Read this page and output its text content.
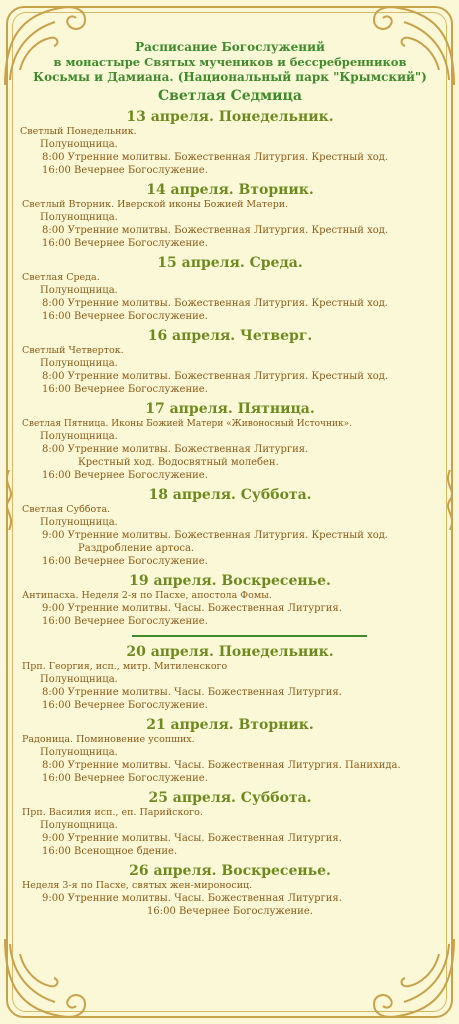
Расписание Богослужений
в монастыре Святых мучеников и бессребренников
Косьмы и Дамиана. (Национальный парк "Крымский")
Светлая Седмица
13 апреля. Понедельник.
Светлый Понедельник.
Полунощница.
8:00 Утренние молитвы. Божественная Литургия. Крестный ход.
16:00 Вечернее Богослужение.
14 апреля. Вторник.
Светлый Вторник. Иверской иконы Божией Матери.
Полунощница.
8:00 Утренние молитвы. Божественная Литургия. Крестный ход.
16:00 Вечернее Богослужение.
15 апреля. Среда.
Светлая Среда.
Полунощница.
8:00 Утренние молитвы. Божественная Литургия. Крестный ход.
16:00 Вечернее Богослужение.
16 апреля. Четверг.
Светлый Четверток.
Полунощница.
8:00 Утренние молитвы. Божественная Литургия. Крестный ход.
16:00 Вечернее Богослужение.
17 апреля. Пятница.
Светлая Пятница. Иконы Божией Матери «Живоносный Источник».
Полунощница.
8:00 Утренние молитвы. Божественная Литургия.
Крестный ход. Водосвятный молебен.
16:00 Вечернее Богослужение.
18 апреля. Суббота.
Светлая Суббота.
Полунощница.
9:00 Утренние молитвы. Божественная Литургия. Крестный ход.
Раздробление артоса.
16:00 Вечернее Богослужение.
19 апреля. Воскресенье.
Антипасха. Неделя 2-я по Пасхе, апостола Фомы.
9:00 Утренние молитвы. Часы. Божественная Литургия.
16:00 Вечернее Богослужение.
20 апреля. Понедельник.
Прп. Георгия, исп., митр. Митиленского
Полунощница.
8:00 Утренние молитвы. Часы. Божественная Литургия.
16:00 Вечернее Богослужение.
21 апреля. Вторник.
Радоница. Поминовение усопших.
Полунощница.
8:00 Утренние молитвы. Часы. Божественная Литургия. Панихида.
16:00 Вечернее Богослужение.
25 апреля. Суббота.
Прп. Василия исп., еп. Парийского.
Полунощница.
9:00 Утренние молитвы. Часы. Божественная Литургия.
16:00 Всенощное бдение.
26 апреля. Воскресенье.
Неделя 3-я по Пасхе, святых жен-мироносиц.
9:00 Утренние молитвы. Часы. Божественная Литургия.
16:00 Вечернее Богослужение.
